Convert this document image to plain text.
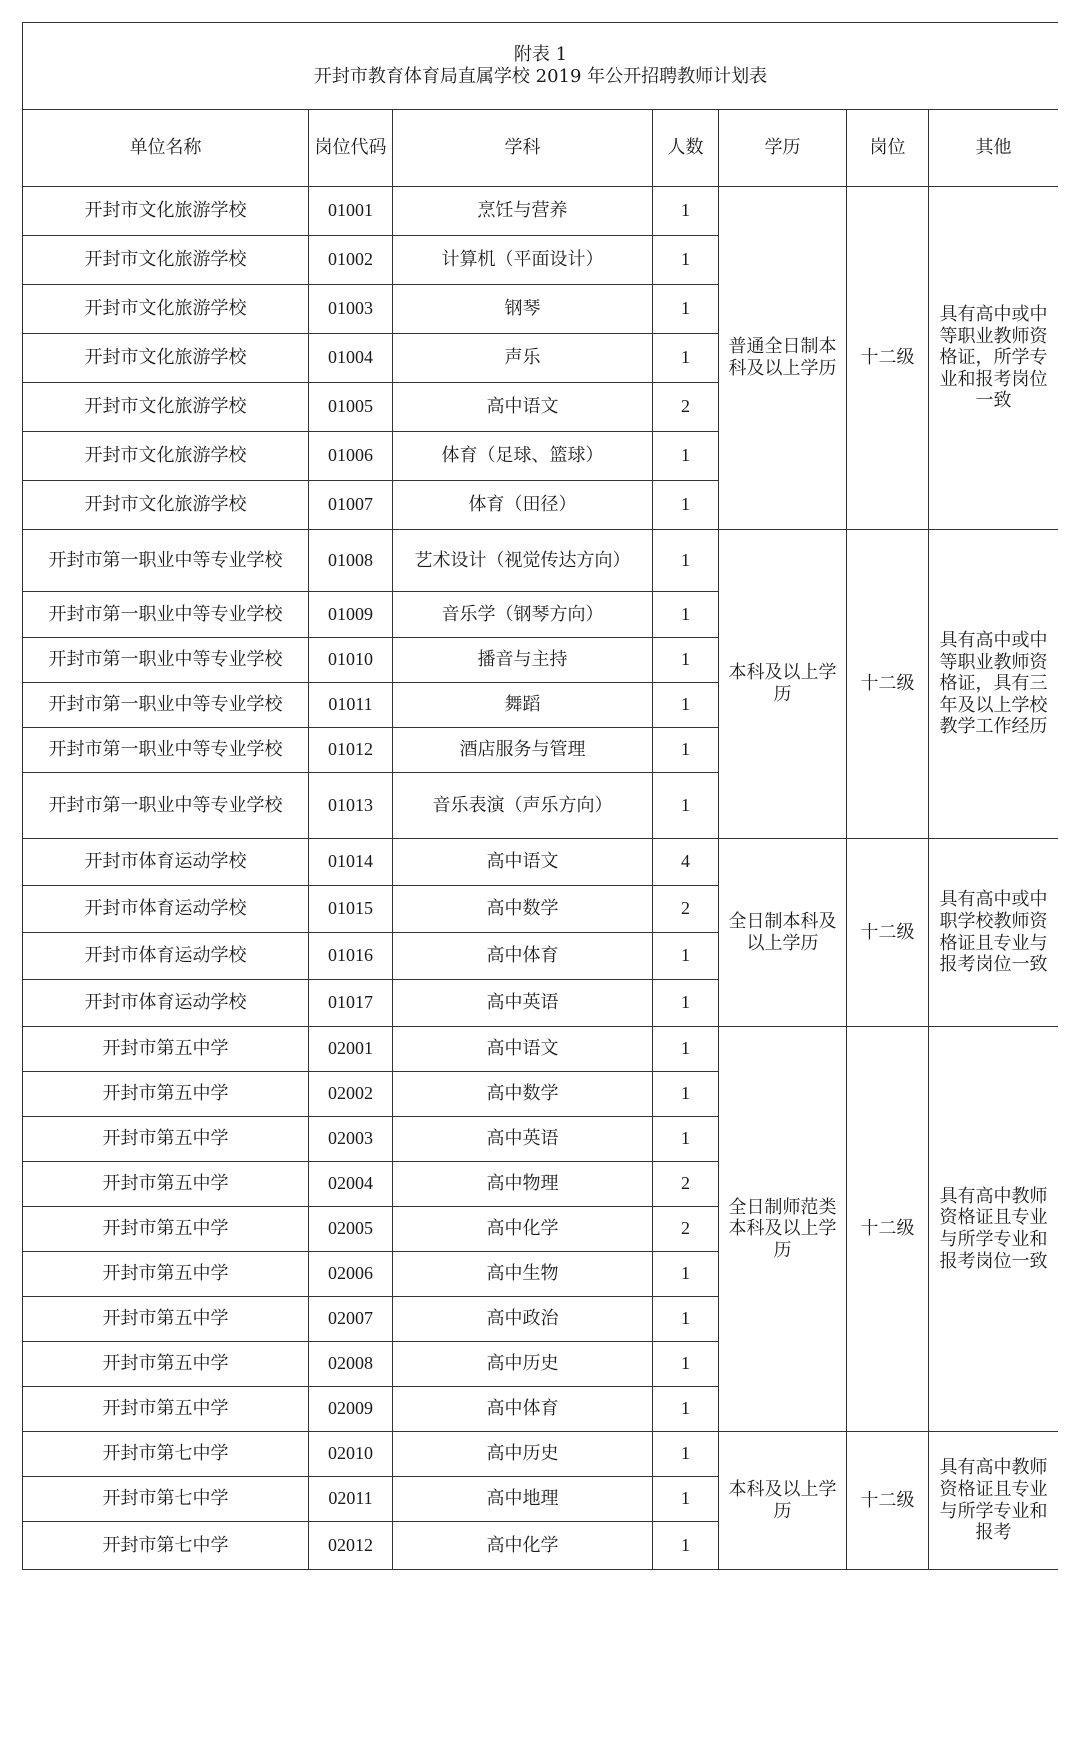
附表 1
开封市教育体育局直属学校 2019 年公开招聘教师计划表						

单位名称	岗位代码	学科	人数	学历	岗位	其他
开封市文化旅游学校	01001	烹饪与营养	1	普通全日制本科及以上学历	十二级	具有高中或中等职业教师资格证，所学专业和报考岗位一致
开封市文化旅游学校	01002	计算机（平面设计）	1			
开封市文化旅游学校	01003	钢琴	1			
开封市文化旅游学校	01004	声乐	1			
开封市文化旅游学校	01005	高中语文	2			
开封市文化旅游学校	01006	体育（足球、篮球）	1			
开封市文化旅游学校	01007	体育（田径）	1			
开封市第一职业中等专业学校	01008	艺术设计（视觉传达方向）	1	本科及以上学历	十二级	具有高中或中等职业教师资格证，具有三年及以上学校教学工作经历
开封市第一职业中等专业学校	01009	音乐学（钢琴方向）	1			
开封市第一职业中等专业学校	01010	播音与主持	1			
开封市第一职业中等专业学校	01011	舞蹈	1			
开封市第一职业中等专业学校	01012	酒店服务与管理	1			
开封市第一职业中等专业学校	01013	音乐表演（声乐方向）	1			
开封市体育运动学校	01014	高中语文	4	全日制本科及以上学历	十二级	具有高中或中职学校教师资格证且专业与报考岗位一致
开封市体育运动学校	01015	高中数学	2			
开封市体育运动学校	01016	高中体育	1			
开封市体育运动学校	01017	高中英语	1			
开封市第五中学	02001	高中语文	1	全日制师范类本科及以上学历	十二级	具有高中教师资格证且专业与所学专业和报考岗位一致
开封市第五中学	02002	高中数学	1			
开封市第五中学	02003	高中英语	1			
开封市第五中学	02004	高中物理	2			
开封市第五中学	02005	高中化学	2			
开封市第五中学	02006	高中生物	1			
开封市第五中学	02007	高中政治	1			
开封市第五中学	02008	高中历史	1			
开封市第五中学	02009	高中体育	1			
开封市第七中学	02010	高中历史	1	本科及以上学历	十二级	具有高中教师资格证且专业与所学专业和报考
开封市第七中学	02011	高中地理	1			
开封市第七中学	02012	高中化学	1			
